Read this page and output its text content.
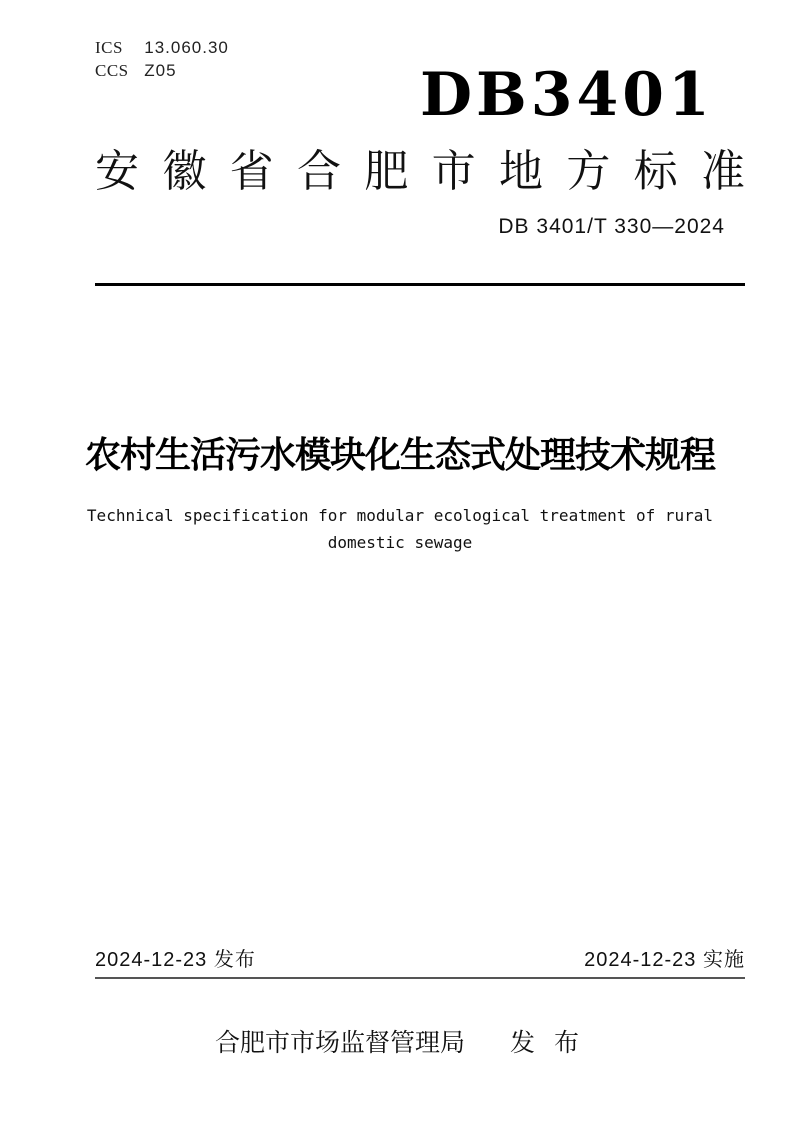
ICS 13.060.30
CCS Z05	DB3401
安徽省合肥市地方标准
DB 3401/T 330—2024
农村生活污水模块化生态式处理技术规程
Technical specification for modular ecological treatment of rural
domestic sewage
2024-12-23 发布	2024-12-23 实施
合肥市市场监督管理局 发 布
